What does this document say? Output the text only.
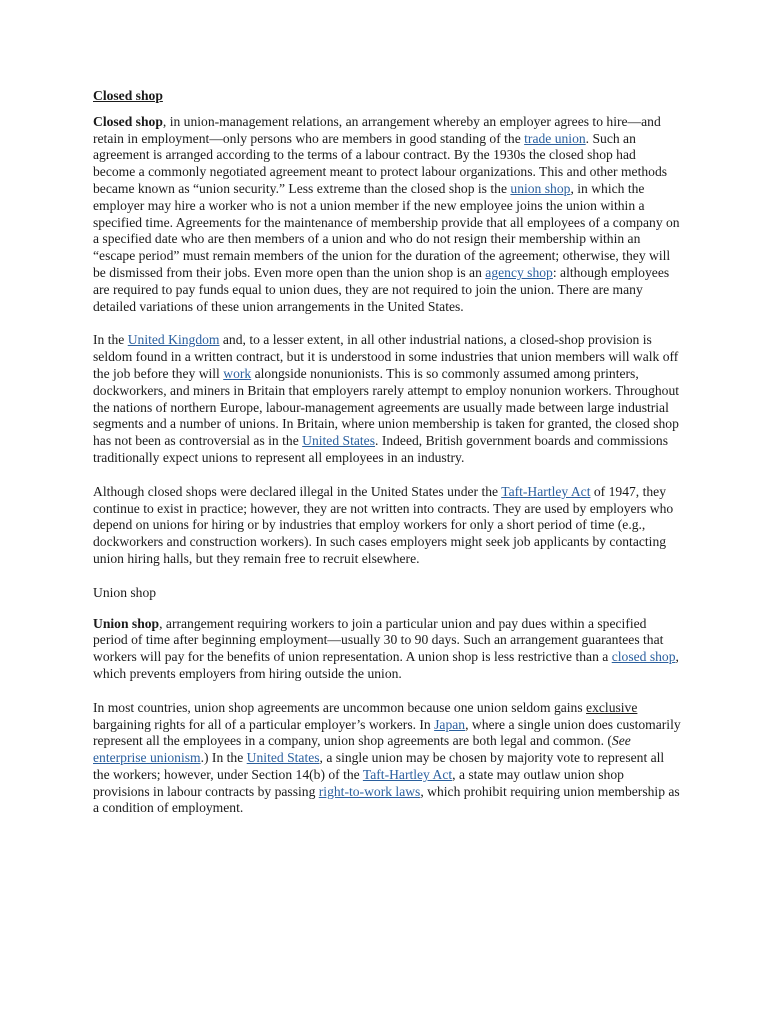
Closed shop

Closed shop, in union-management relations, an arrangement whereby an employer agrees to hire—and retain in employment—only persons who are members in good standing of the trade union. Such an agreement is arranged according to the terms of a labour contract. By the 1930s the closed shop had become a commonly negotiated agreement meant to protect labour organizations. This and other methods became known as “union security.” Less extreme than the closed shop is the union shop, in which the employer may hire a worker who is not a union member if the new employee joins the union within a specified time. Agreements for the maintenance of membership provide that all employees of a company on a specified date who are then members of a union and who do not resign their membership within an “escape period” must remain members of the union for the duration of the agreement; otherwise, they will be dismissed from their jobs. Even more open than the union shop is an agency shop: although employees are required to pay funds equal to union dues, they are not required to join the union. There are many detailed variations of these union arrangements in the United States.

In the United Kingdom and, to a lesser extent, in all other industrial nations, a closed-shop provision is seldom found in a written contract, but it is understood in some industries that union members will walk off the job before they will work alongside nonunionists. This is so commonly assumed among printers, dockworkers, and miners in Britain that employers rarely attempt to employ nonunion workers. Throughout the nations of northern Europe, labour-management agreements are usually made between large industrial segments and a number of unions. In Britain, where union membership is taken for granted, the closed shop has not been as controversial as in the United States. Indeed, British government boards and commissions traditionally expect unions to represent all employees in an industry.

Although closed shops were declared illegal in the United States under the Taft-Hartley Act of 1947, they continue to exist in practice; however, they are not written into contracts. They are used by employers who depend on unions for hiring or by industries that employ workers for only a short period of time (e.g., dockworkers and construction workers). In such cases employers might seek job applicants by contacting union hiring halls, but they remain free to recruit elsewhere.

Union shop

Union shop, arrangement requiring workers to join a particular union and pay dues within a specified period of time after beginning employment—usually 30 to 90 days. Such an arrangement guarantees that workers will pay for the benefits of union representation. A union shop is less restrictive than a closed shop, which prevents employers from hiring outside the union.

In most countries, union shop agreements are uncommon because one union seldom gains exclusive bargaining rights for all of a particular employer’s workers. In Japan, where a single union does customarily represent all the employees in a company, union shop agreements are both legal and common. (See enterprise unionism.) In the United States, a single union may be chosen by majority vote to represent all the workers; however, under Section 14(b) of the Taft-Hartley Act, a state may outlaw union shop provisions in labour contracts by passing right-to-work laws, which prohibit requiring union membership as a condition of employment.
